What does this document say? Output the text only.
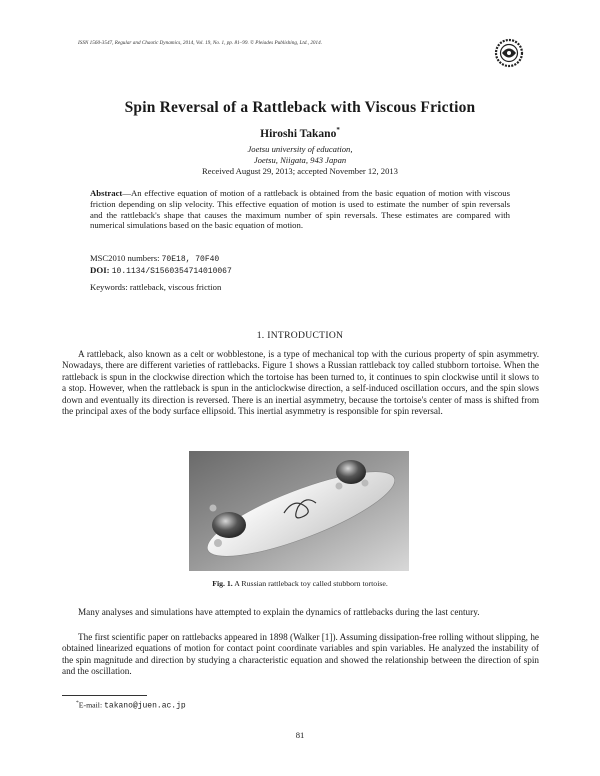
ISSN 1560-3547, Regular and Chaotic Dynamics, 2014, Vol. 19, No. 1, pp. 81–99. © Pleiades Publishing, Ltd., 2014.
Spin Reversal of a Rattleback with Viscous Friction
Hiroshi Takano*
Joetsu university of education,
Joetsu, Niigata, 943 Japan
Received August 29, 2013; accepted November 12, 2013
Abstract—An effective equation of motion of a rattleback is obtained from the basic equation of motion with viscous friction depending on slip velocity. This effective equation of motion is used to estimate the number of spin reversals and the rattleback's shape that causes the maximum number of spin reversals. These estimates are compared with numerical simulations based on the basic equation of motion.
MSC2010 numbers: 70E18, 70F40
DOI: 10.1134/S1560354714010067
Keywords: rattleback, viscous friction
1. INTRODUCTION
A rattleback, also known as a celt or wobblestone, is a type of mechanical top with the curious property of spin asymmetry. Nowadays, there are different varieties of rattlebacks. Figure 1 shows a Russian rattleback toy called stubborn tortoise. When the rattleback is spun in the clockwise direction which the tortoise has been turned to, it continues to spin clockwise until it slows to a stop. However, when the rattleback is spun in the anticlockwise direction, a self-induced oscillation occurs, and the spin slows down and eventually its direction is reversed. There is an inertial asymmetry, because the tortoise's center of mass is shifted from the principal axes of the body surface ellipsoid. This inertial asymmetry is responsible for spin reversal.
Fig. 1. A Russian rattleback toy called stubborn tortoise.
Many analyses and simulations have attempted to explain the dynamics of rattlebacks during the last century.
The first scientific paper on rattlebacks appeared in 1898 (Walker [1]). Assuming dissipation-free rolling without slipping, he obtained linearized equations of motion for contact point coordinate variables and spin variables. He analyzed the instability of the spin magnitude and direction by studying a characteristic equation and showed the relationship between the direction of spin and the oscillation.
*E-mail: takano@juen.ac.jp
81
